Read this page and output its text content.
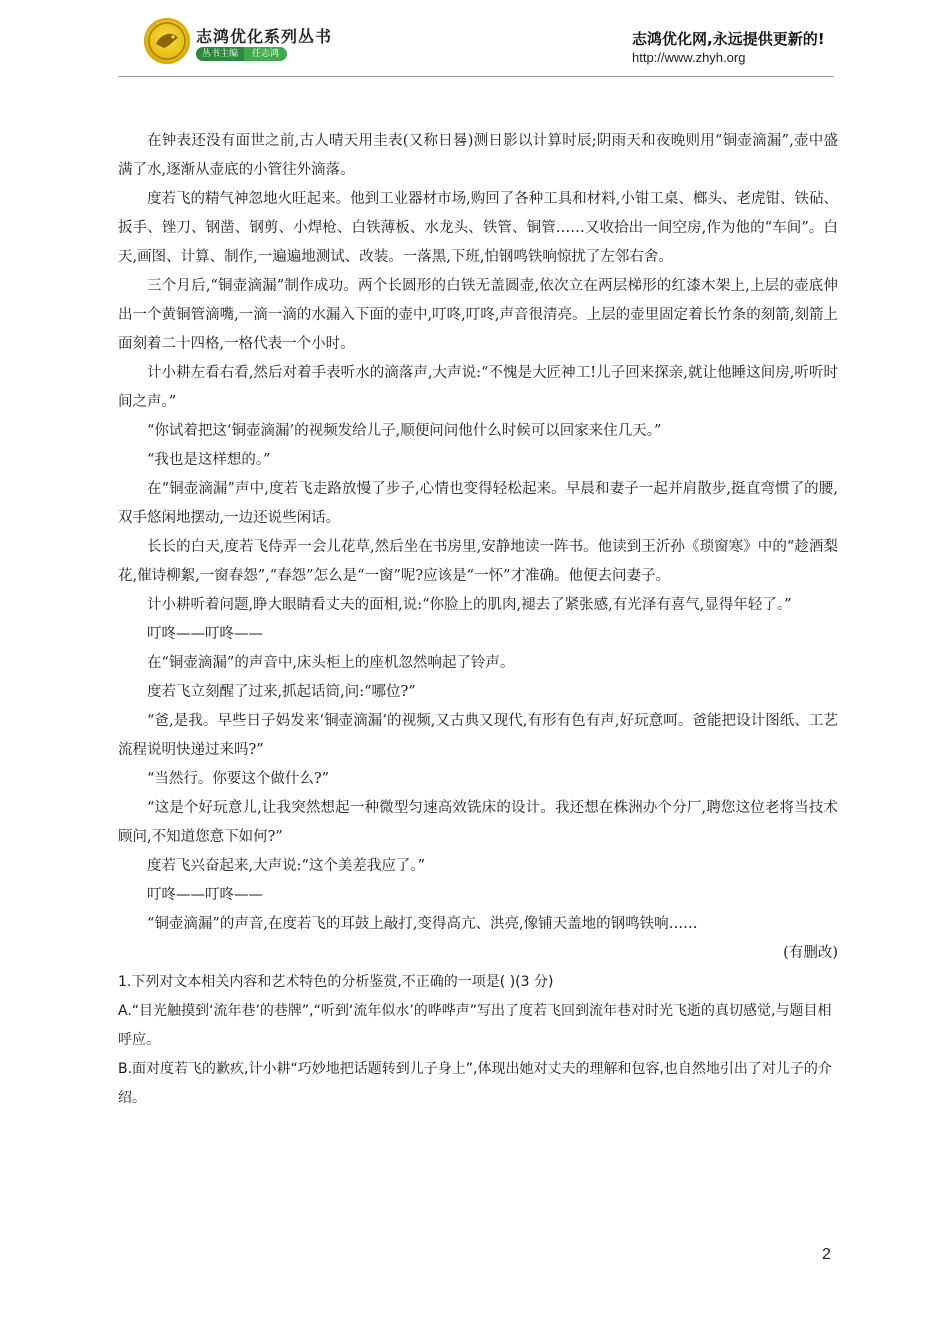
志鸿优化系列丛书
丛书主编	任志鸿
志鸿优化网,永远提供更新的!
http://www.zhyh.org

在钟表还没有面世之前,古人晴天用圭表(又称日晷)测日影以计算时辰;阴雨天和夜晚则用“铜壶滴漏”,壶中盛满了水,逐渐从壶底的小管往外滴落。

度若飞的精气神忽地火旺起来。他到工业器材市场,购回了各种工具和材料,小钳工桌、榔头、老虎钳、铁砧、扳手、锉刀、钢凿、钢剪、小焊枪、白铁薄板、水龙头、铁管、铜管……又收拾出一间空房,作为他的“车间”。白天,画图、计算、制作,一遍遍地测试、改装。一落黑,下班,怕钢鸣铁响惊扰了左邻右舍。

三个月后,“铜壶滴漏”制作成功。两个长圆形的白铁无盖圆壶,依次立在两层梯形的红漆木架上,上层的壶底伸出一个黄铜管滴嘴,一滴一滴的水漏入下面的壶中,叮咚,叮咚,声音很清亮。上层的壶里固定着长竹条的刻箭,刻箭上面刻着二十四格,一格代表一个小时。

计小耕左看右看,然后对着手表听水的滴落声,大声说:“不愧是大匠神工!儿子回来探亲,就让他睡这间房,听听时间之声。”

“你试着把这‘铜壶滴漏’的视频发给儿子,顺便问问他什么时候可以回家来住几天。”

“我也是这样想的。”

在“铜壶滴漏”声中,度若飞走路放慢了步子,心情也变得轻松起来。早晨和妻子一起并肩散步,挺直弯惯了的腰,双手悠闲地摆动,一边还说些闲话。

长长的白天,度若飞侍弄一会儿花草,然后坐在书房里,安静地读一阵书。他读到王沂孙《琐窗寒》中的“趁酒梨花,催诗柳絮,一窗春怨”,“春怨”怎么是“一窗”呢?应该是“一怀”才准确。他便去问妻子。

计小耕听着问题,睁大眼睛看丈夫的面相,说:“你脸上的肌肉,褪去了紧张感,有光泽有喜气,显得年轻了。”

叮咚——叮咚——

在“铜壶滴漏”的声音中,床头柜上的座机忽然响起了铃声。

度若飞立刻醒了过来,抓起话筒,问:“哪位?”

“爸,是我。早些日子妈发来‘铜壶滴漏’的视频,又古典又现代,有形有色有声,好玩意呵。爸能把设计图纸、工艺流程说明快递过来吗?”

“当然行。你要这个做什么?”

“这是个好玩意儿,让我突然想起一种微型匀速高效铣床的设计。我还想在株洲办个分厂,聘您这位老将当技术顾问,不知道您意下如何?”

度若飞兴奋起来,大声说:“这个美差我应了。”

叮咚——叮咚——

“铜壶滴漏”的声音,在度若飞的耳鼓上敲打,变得高亢、洪亮,像铺天盖地的钢鸣铁响……

(有删改)

1.下列对文本相关内容和艺术特色的分析鉴赏,不正确的一项是( )(3 分)

A.“目光触摸到‘流年巷’的巷牌”,“听到‘流年似水’的哗哗声”写出了度若飞回到流年巷对时光飞逝的真切感觉,与题目相呼应。

B.面对度若飞的歉疚,计小耕“巧妙地把话题转到儿子身上”,体现出她对丈夫的理解和包容,也自然地引出了对儿子的介绍。

2
